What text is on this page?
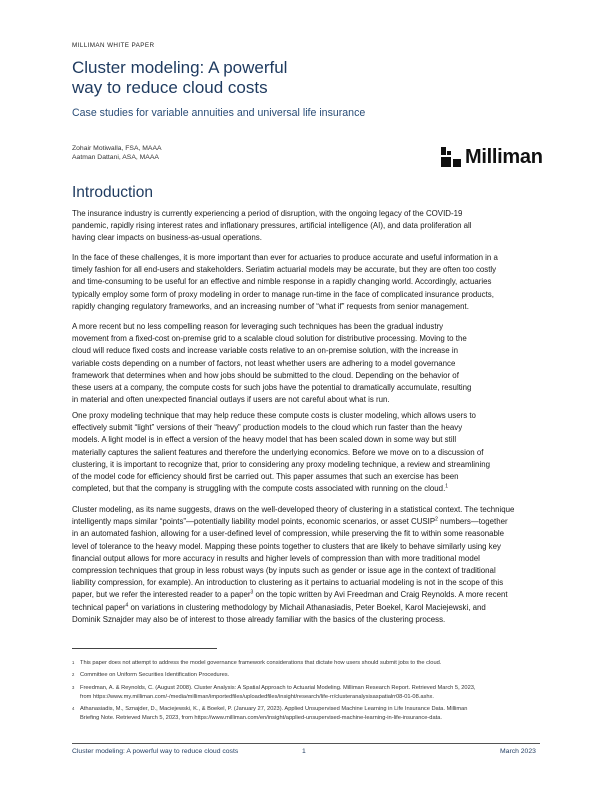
MILLIMAN WHITE PAPER
Cluster modeling: A powerful
way to reduce cloud costs
Case studies for variable annuities and universal life insurance
Zohair Motiwalla, FSA, MAAA
Aatman Dattani, ASA, MAAA	Milliman
Introduction
The insurance industry is currently experiencing a period of disruption, with the ongoing legacy of the COVID-19
pandemic, rapidly rising interest rates and inflationary pressures, artificial intelligence (AI), and data proliferation all
having clear impacts on business-as-usual operations.
In the face of these challenges, it is more important than ever for actuaries to produce accurate and useful information in a
timely fashion for all end-users and stakeholders. Seriatim actuarial models may be accurate, but they are often too costly
and time-consuming to be useful for an effective and nimble response in a rapidly changing world. Accordingly, actuaries
typically employ some form of proxy modeling in order to manage run-time in the face of complicated insurance products,
rapidly changing regulatory frameworks, and an increasing number of “what if” requests from senior management.
A more recent but no less compelling reason for leveraging such techniques has been the gradual industry
movement from a fixed-cost on-premise grid to a scalable cloud solution for distributive processing. Moving to the
cloud will reduce fixed costs and increase variable costs relative to an on-premise solution, with the increase in
variable costs depending on a number of factors, not least whether users are adhering to a model governance
framework that determines when and how jobs should be submitted to the cloud. Depending on the behavior of
these users at a company, the compute costs for such jobs have the potential to dramatically accumulate, resulting
in material and often unexpected financial outlays if users are not careful about what is run.
One proxy modeling technique that may help reduce these compute costs is cluster modeling, which allows users to
effectively submit “light” versions of their “heavy” production models to the cloud which run faster than the heavy
models. A light model is in effect a version of the heavy model that has been scaled down in some way but still
materially captures the salient features and therefore the underlying economics. Before we move on to a discussion of
clustering, it is important to recognize that, prior to considering any proxy modeling technique, a review and streamlining
of the model code for efficiency should first be carried out. This paper assumes that such an exercise has been
completed, but that the company is struggling with the compute costs associated with running on the cloud.$^1$
Cluster modeling, as its name suggests, draws on the well-developed theory of clustering in a statistical context. The technique
intelligently maps similar “points”—potentially liability model points, economic scenarios, or asset CUSIP$^2$ numbers—together
in an automated fashion, allowing for a user-defined level of compression, while preserving the fit to within some reasonable
level of tolerance to the heavy model. Mapping these points together to clusters that are likely to behave similarly using key
financial output allows for more accuracy in results and higher levels of compression than with more traditional model
compression techniques that group in less robust ways (by inputs such as gender or issue age in the context of traditional
liability compression, for example). An introduction to clustering as it pertains to actuarial modeling is not in the scope of this
paper, but we refer the interested reader to a paper$^3$ on the topic written by Avi Freedman and Craig Reynolds. A more recent
technical paper$^4$ on variations in clustering methodology by Michail Athanasiadis, Peter Boekel, Karol Maciejewski, and
Dominik Sznajder may also be of interest to those already familiar with the basics of the clustering process.
1 This paper does not attempt to address the model governance framework considerations that dictate how users should submit jobs to the cloud.
2 Committee on Uniform Securities Identification Procedures.
3 Freedman, A. & Reynolds, C. (August 2008). Cluster Analysis: A Spatial Approach to Actuarial Modeling. Milliman Research Report. Retrieved March 5, 2023,
from https://www.my.milliman.com/-/media/milliman/importedfiles/uploadedfiles/insight/research/life-rr/clusteranalysisaspatialrr08-01-08.ashx.
4 Athanasiadis, M., Sznajder, D., Maciejewski, K., & Boekel, P. (January 27, 2023). Applied Unsupervised Machine Learning in Life Insurance Data. Milliman
Briefing Note. Retrieved March 5, 2023, from https://www.milliman.com/en/insight/applied-unsupervised-machine-learning-in-life-insurance-data.
Cluster modeling: A powerful way to reduce cloud costs	1	March 2023
